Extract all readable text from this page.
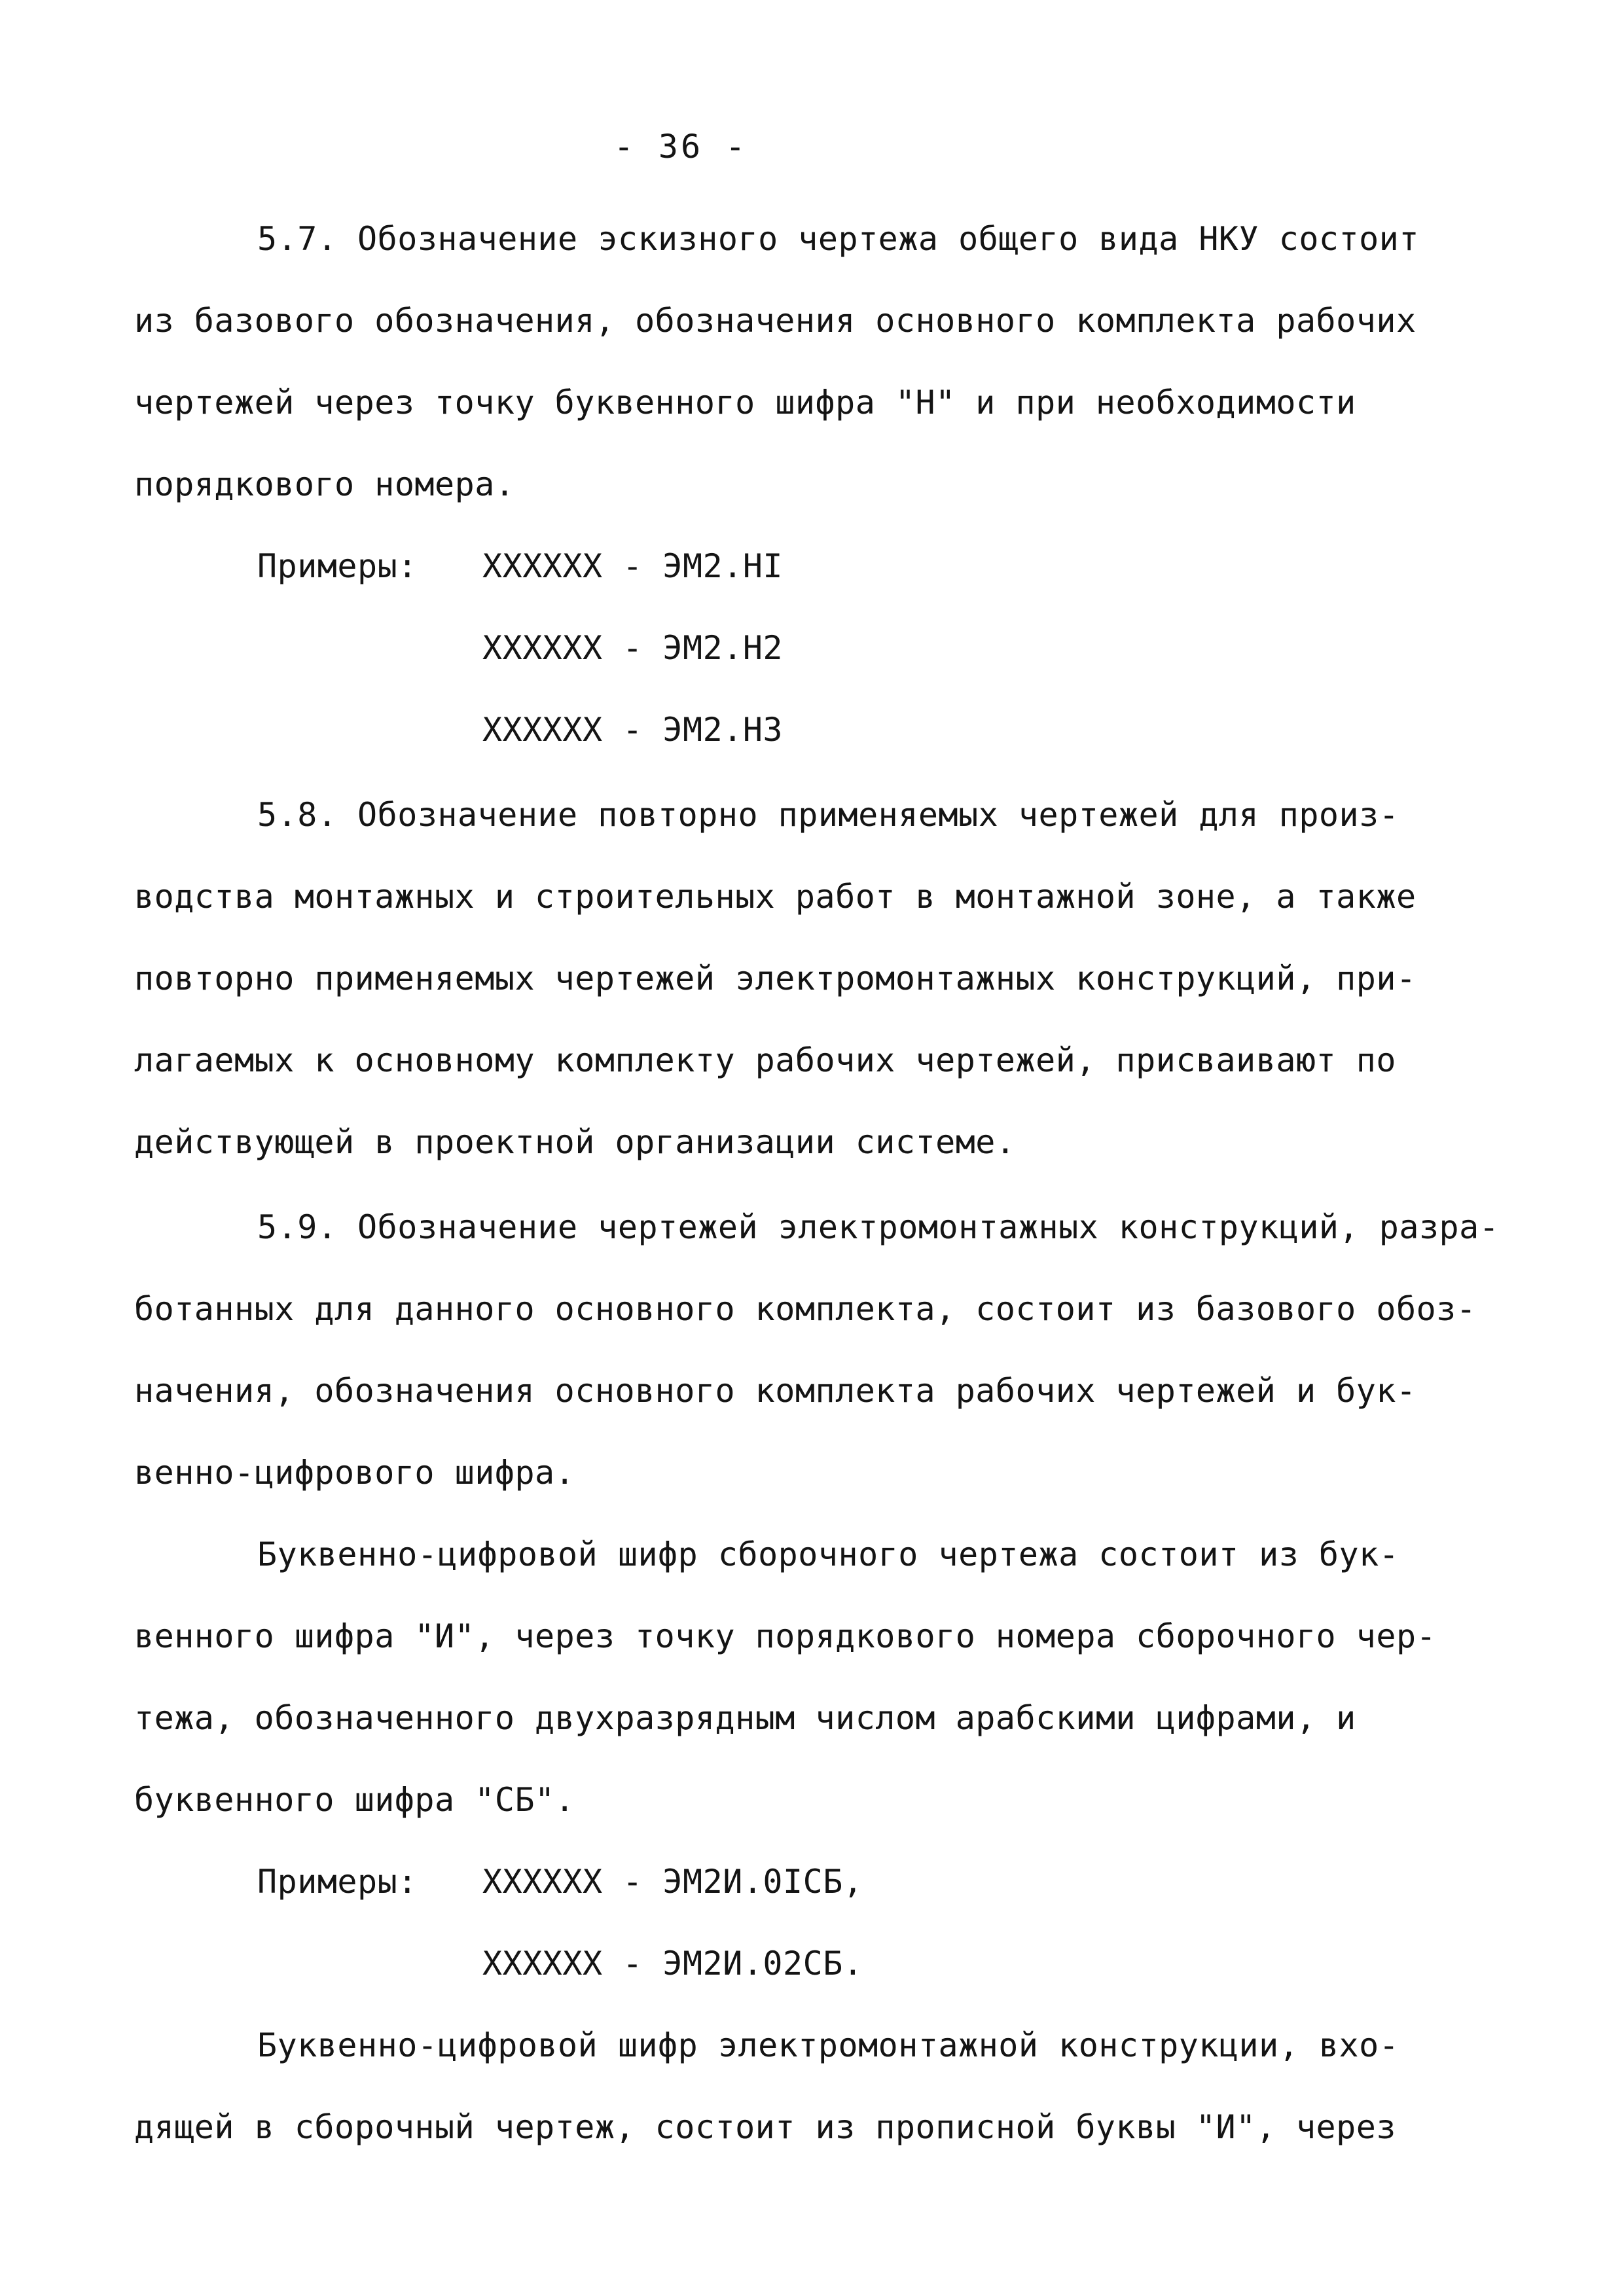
- 36 -
5.7. Обозначение эскизного чертежа общего вида НКУ состоит
из базового обозначения, обозначения основного комплекта рабочих
чертежей через точку буквенного шифра "Н" и при необходимости
порядкового номера.
Примеры: ХХХХХХ - ЭМ2.НI
ХХХХХХ - ЭМ2.Н2
ХХХХХХ - ЭМ2.Н3
5.8. Обозначение повторно применяемых чертежей для произ-
водства монтажных и строительных работ в монтажной зоне, а также
повторно применяемых чертежей электромонтажных конструкций, при-
лагаемых к основному комплекту рабочих чертежей, присваивают по
действующей в проектной организации системе.
5.9. Обозначение чертежей электромонтажных конструкций, разра-
ботанных для данного основного комплекта, состоит из базового обоз-
начения, обозначения основного комплекта рабочих чертежей и бук-
венно-цифрового шифра.
Буквенно-цифровой шифр сборочного чертежа состоит из бук-
венного шифра "И", через точку порядкового номера сборочного чер-
тежа, обозначенного двухразрядным числом арабскими цифрами, и
буквенного шифра "СБ".
Примеры: ХХХХХХ - ЭМ2И.0IСБ,
ХХХХХХ - ЭМ2И.02СБ.
Буквенно-цифровой шифр электромонтажной конструкции, вхо-
дящей в сборочный чертеж, состоит из прописной буквы "И", через
